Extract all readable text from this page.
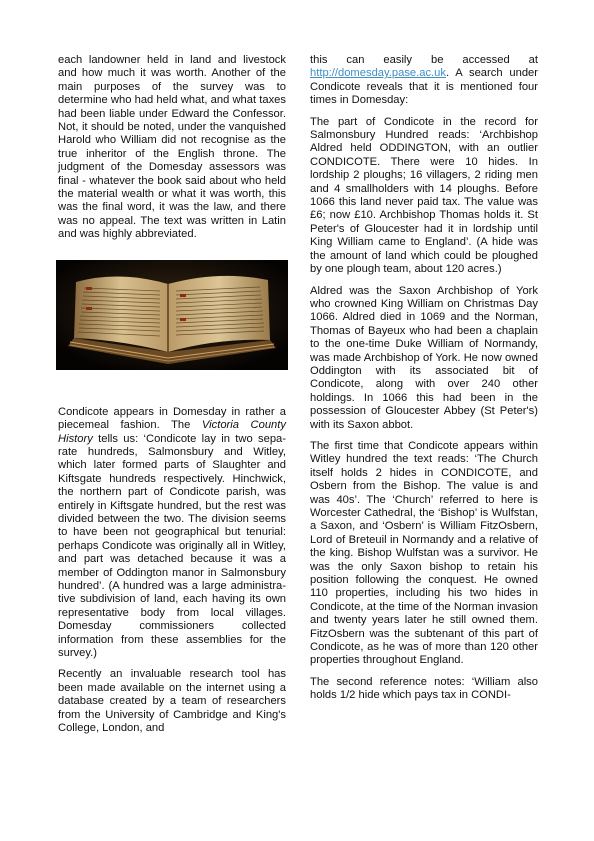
each landowner held in land and livestock and how much it was worth. Another of the main purposes of the survey was to determine who had held what, and what taxes had been liable under Edward the Confessor. Not, it should be noted, under the vanquished Harold who William did not recognise as the true inheritor of the English throne. The judgment of the Domesday assessors was final - whatever the book said about who held the material wealth or what it was worth, this was the final word, it was the law, and there was no appeal. The text was written in Latin and was highly abbreviated.

Condicote appears in Domesday in rather a piecemeal fashion. The Victoria County History tells us: ‘Condicote lay in two separate hundreds, Salmonsbury and Witley, which later formed parts of Slaughter and Kiftsgate hundreds respectively. Hinchwick, the northern part of Condicote parish, was entirely in Kiftsgate hundred, but the rest was divided between the two. The division seems to have been not geographical but tenurial: perhaps Condicote was originally all in Witley, and part was detached because it was a member of Oddington manor in Salmonsbury hundred’. (A hundred was a large administrative subdivision of land, each having its own representative body from local villages. Domesday commissioners collected information from these assemblies for the survey.)

Recently an invaluable research tool has been made available on the internet using a database created by a team of researchers from the University of Cambridge and King's College, London, and

this can easily be accessed at http://domesday.pase.ac.uk. A search under Condicote reveals that it is mentioned four times in Domesday:

The part of Condicote in the record for Salmonsbury Hundred reads: ‘Archbishop Aldred held ODDINGTON, with an outlier CONDICOTE. There were 10 hides. In lordship 2 ploughs; 16 villagers, 2 riding men and 4 smallholders with 14 ploughs. Before 1066 this land never paid tax. The value was £6; now £10. Archbishop Thomas holds it. St Peter's of Gloucester had it in lordship until King William came to England’. (A hide was the amount of land which could be ploughed by one plough team, about 120 acres.)

Aldred was the Saxon Archbishop of York who crowned King William on Christmas Day 1066. Aldred died in 1069 and the Norman, Thomas of Bayeux who had been a chaplain to the one-time Duke William of Normandy, was made Archbishop of York. He now owned Oddington with its associated bit of Condicote, along with over 240 other holdings. In 1066 this had been in the possession of Gloucester Abbey (St Peter's) with its Saxon abbot.

The first time that Condicote appears within Witley hundred the text reads: ‘The Church itself holds 2 hides in CONDICOTE, and Osbern from the Bishop. The value is and was 40s’. The ‘Church’ referred to here is Worcester Cathedral, the ‘Bishop’ is Wulfstan, a Saxon, and ‘Osbern’ is William FitzOsbern, Lord of Breteuil in Normandy and a relative of the king. Bishop Wulfstan was a survivor. He was the only Saxon bishop to retain his position following the conquest. He owned 110 properties, including his two hides in Condicote, at the time of the Norman invasion and twenty years later he still owned them. FitzOsbern was the subtenant of this part of Condicote, as he was of more than 120 other properties throughout England.

The second reference notes: ‘William also holds 1/2 hide which pays tax in CONDI-
